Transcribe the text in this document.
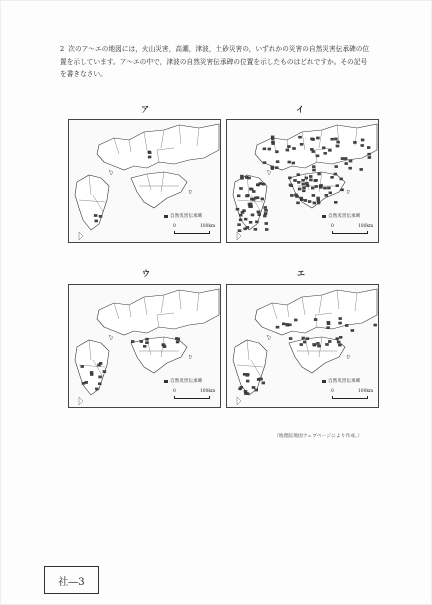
2 次のア～エの地図には，火山災害，高潮，津波，土砂災害の，いずれかの災害の自然災害伝承碑の位置を示しています。ア～エの中で，津波の自然災害伝承碑の位置を示したものはどれですか。その記号を書きなさい。
ア
自然災害伝承碑
0	100km
イ
自然災害伝承碑
0	100km
ウ
自然災害伝承碑
0	100km
エ
自然災害伝承碑
0	100km
（地理院地図ウェブページにより作成。）
社―3
